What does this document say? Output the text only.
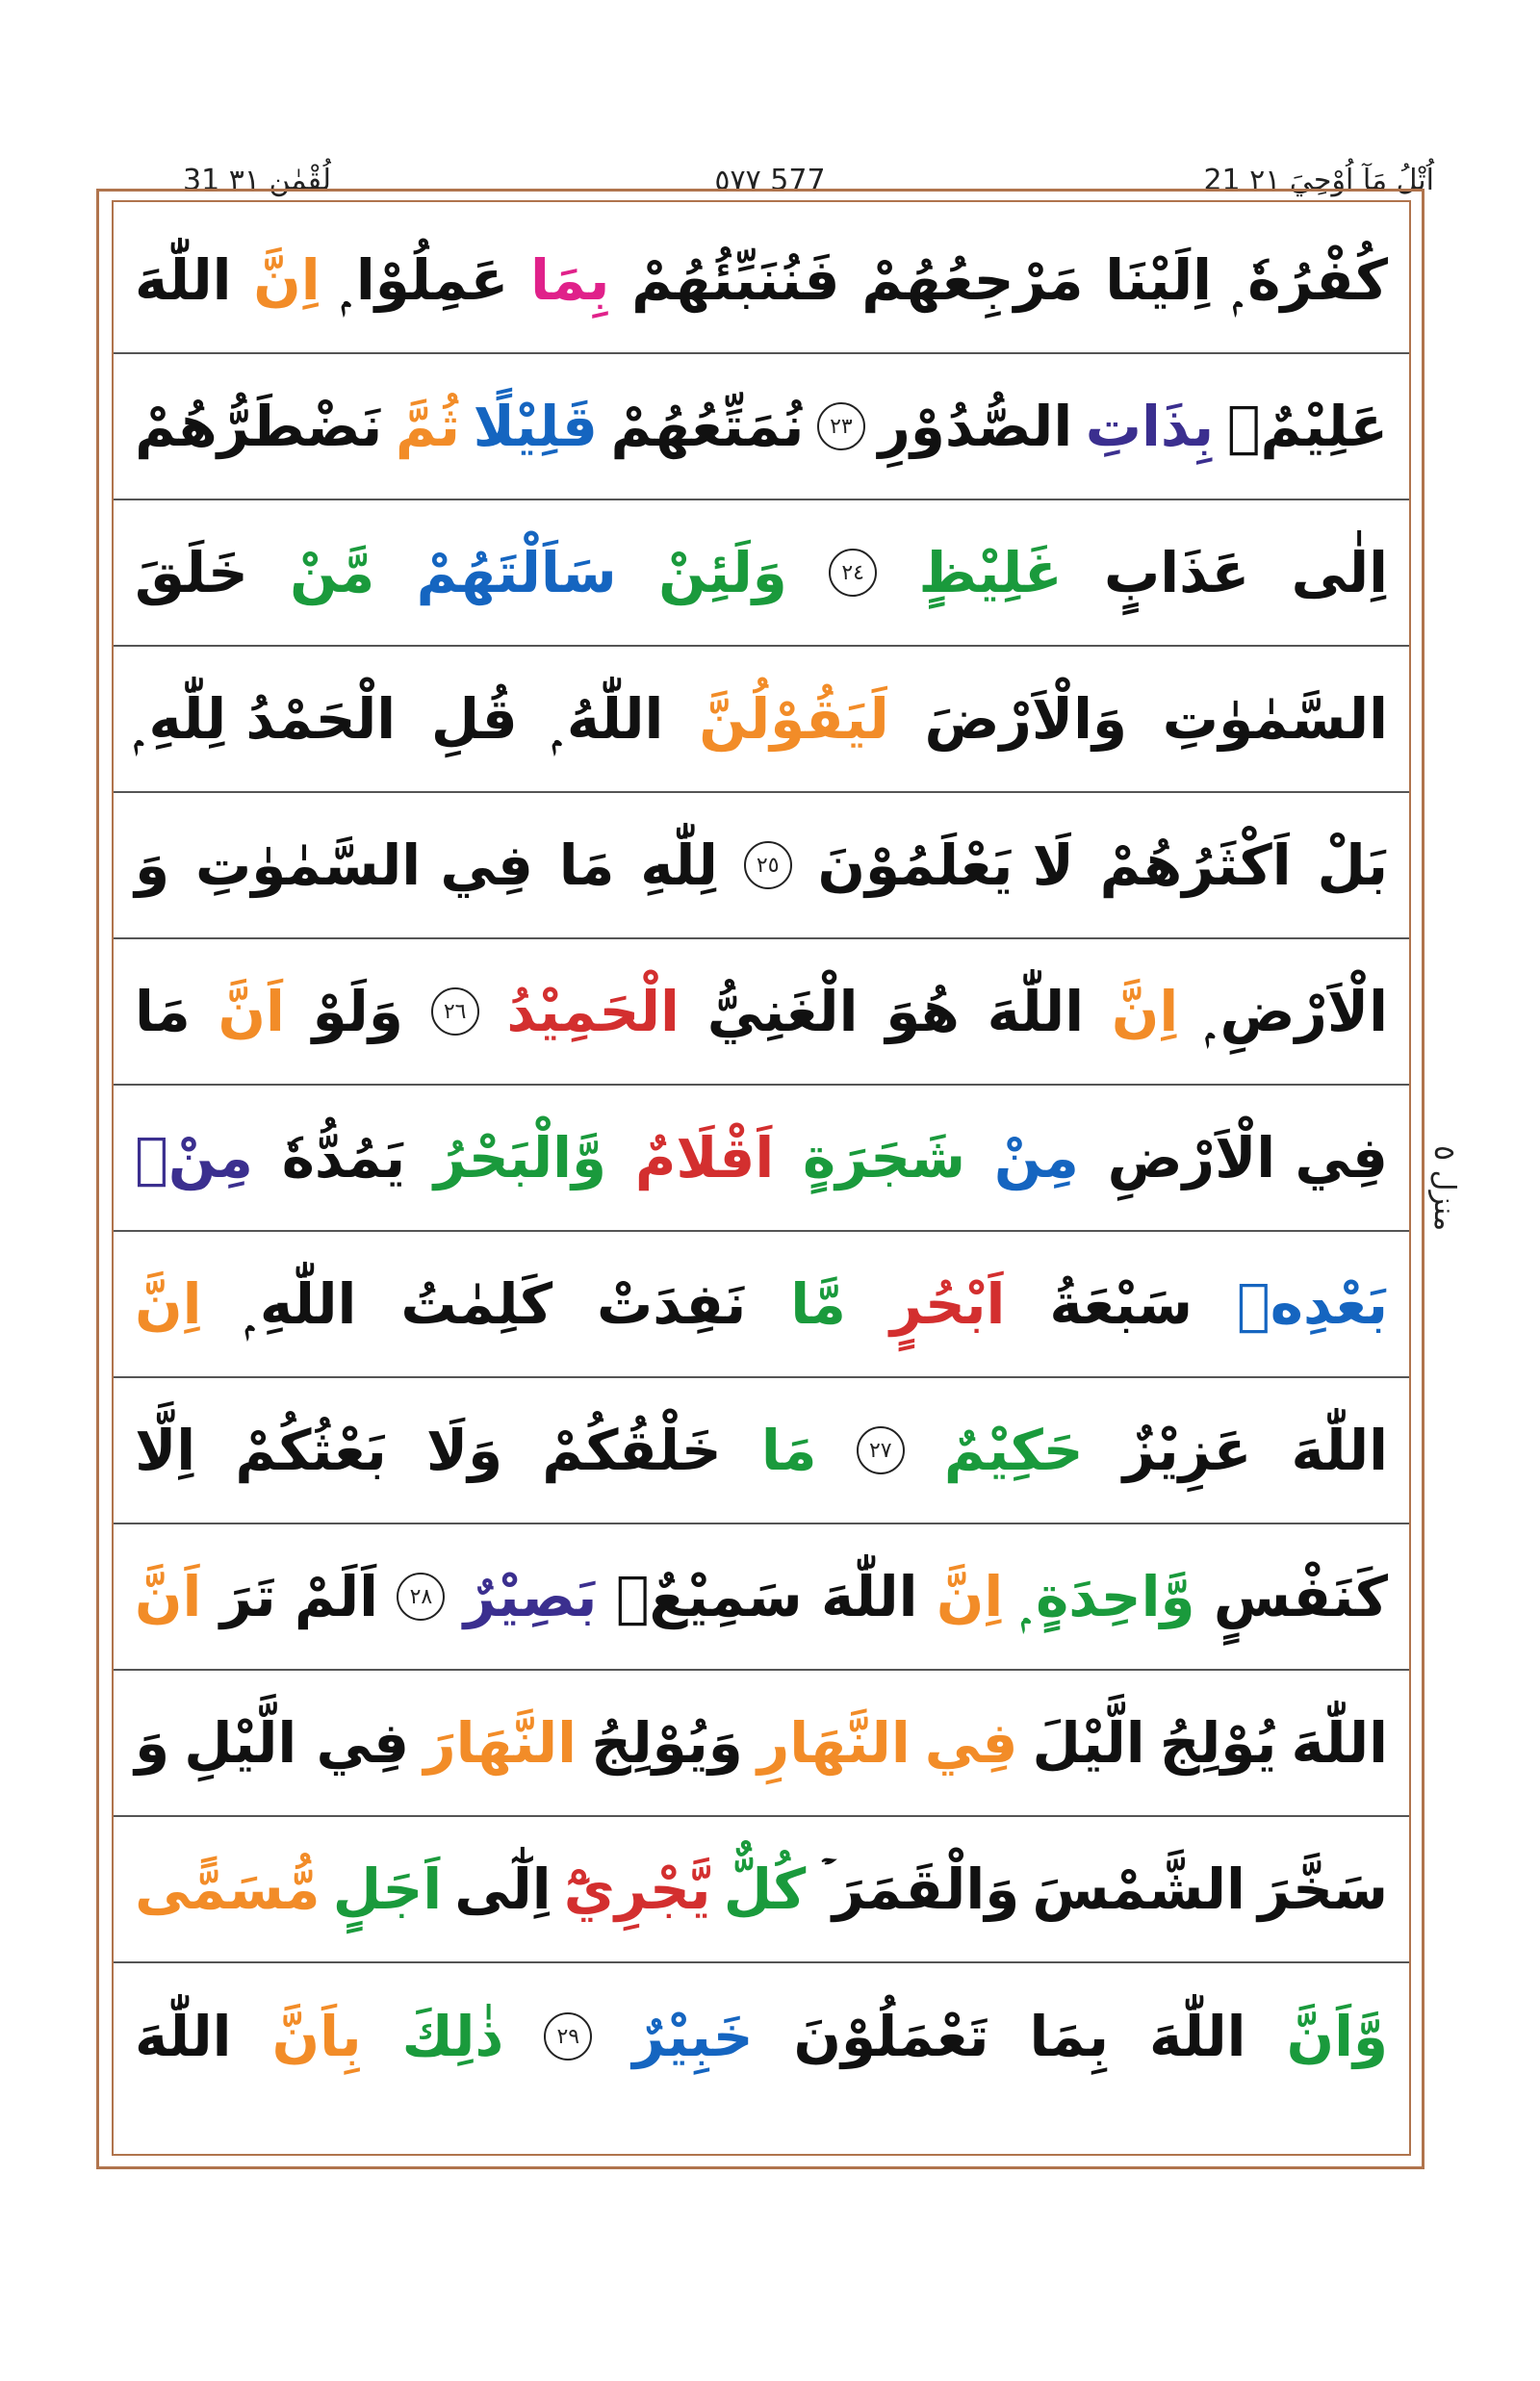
21 اُتْلُ مَآ اُوْحِيَ ٢١
٥٧٧ 577
31 لُقْمٰن ٣١
كُفْرُهٗ ۭ
اِلَيْنَا
مَرْجِعُهُمْ
فَنُنَبِّئُهُمْ
بِمَا
عَمِلُوْا ۭ
اِنَّ
اللّٰهَ
عَلِيْمٌۢ
بِذَاتِ
الصُّدُوْرِ
٢٣
نُمَتِّعُهُمْ
قَلِيْلًا
ثُمَّ
نَضْطَرُّهُمْ
اِلٰى
عَذَابٍ
غَلِيْظٍ
٢٤
وَلَئِنْ
سَاَلْتَهُمْ
مَّنْ
خَلَقَ
السَّمٰوٰتِ
وَالْاَرْضَ
لَيَقُوْلُنَّ
اللّٰهُ ۭ
قُلِ
الْحَمْدُ لِلّٰهِ ۭ
بَلْ
اَكْثَرُهُمْ
لَا يَعْلَمُوْنَ
٢٥
لِلّٰهِ
مَا
فِي السَّمٰوٰتِ
وَ
الْاَرْضِ ۭ
اِنَّ
اللّٰهَ
هُوَ
الْغَنِيُّ
الْحَمِيْدُ
٢٦
وَلَوْ
اَنَّ
مَا
فِي الْاَرْضِ
مِنْ
شَجَرَةٍ
اَقْلَامٌ
وَّالْبَحْرُ
يَمُدُّهٗ
مِنْۢ
بَعْدِهٖ
سَبْعَةُ
اَبْحُرٍ
مَّا
نَفِدَتْ
كَلِمٰتُ
اللّٰهِ ۭ
اِنَّ
اللّٰهَ
عَزِيْزٌ
حَكِيْمٌ
٢٧
مَا
خَلْقُكُمْ
وَلَا
بَعْثُكُمْ
اِلَّا
كَنَفْسٍ
وَّاحِدَةٍ ۭ
اِنَّ
اللّٰهَ
سَمِيْعٌۢ
بَصِيْرٌ
٢٨
اَلَمْ
تَرَ
اَنَّ
اللّٰهَ
يُوْلِجُ
الَّيْلَ
فِي
النَّهَارِ
وَيُوْلِجُ
النَّهَارَ
فِي الَّيْلِ
وَ
سَخَّرَ
الشَّمْسَ
وَالْقَمَرَ ۡ
كُلٌّ
يَّجْرِيْٓ
اِلٰٓى
اَجَلٍ
مُّسَمًّى
وَّاَنَّ
اللّٰهَ
بِمَا
تَعْمَلُوْنَ
خَبِيْرٌ
٢٩
ذٰلِكَ
بِاَنَّ
اللّٰهَ
منزل ٥
